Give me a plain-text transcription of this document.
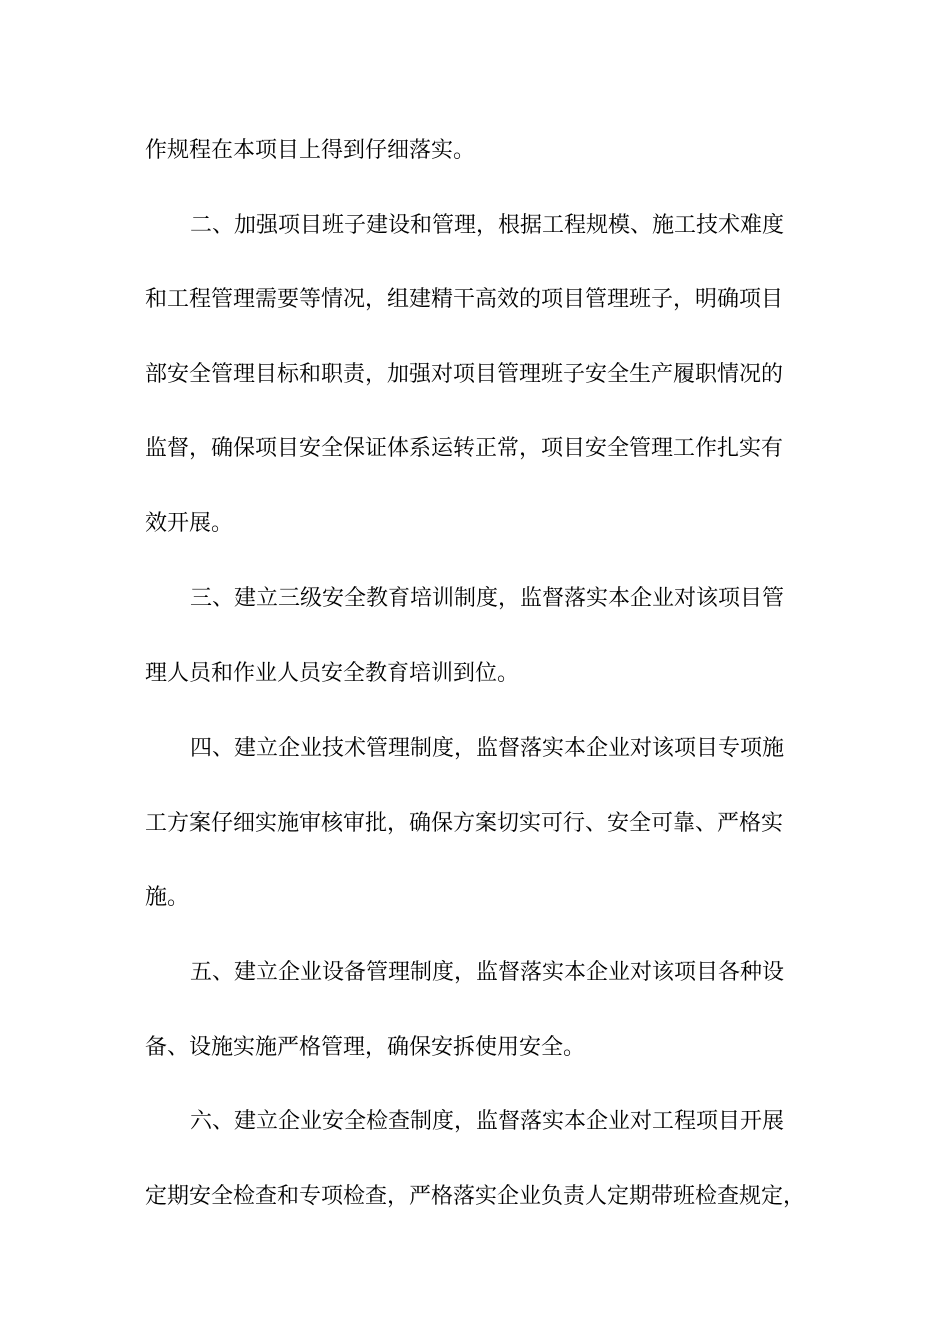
作规程在本项目上得到仔细落实。
二、加强项目班子建设和管理，根据工程规模、施工技术难度
和工程管理需要等情况，组建精干高效的项目管理班子，明确项目
部安全管理目标和职责，加强对项目管理班子安全生产履职情况的
监督，确保项目安全保证体系运转正常，项目安全管理工作扎实有
效开展。
三、建立三级安全教育培训制度，监督落实本企业对该项目管
理人员和作业人员安全教育培训到位。
四、建立企业技术管理制度，监督落实本企业对该项目专项施
工方案仔细实施审核审批，确保方案切实可行、安全可靠、严格实
施。
五、建立企业设备管理制度，监督落实本企业对该项目各种设
备、设施实施严格管理，确保安拆使用安全。
六、建立企业安全检查制度，监督落实本企业对工程项目开展
定期安全检查和专项检查，严格落实企业负责人定期带班检查规定，
